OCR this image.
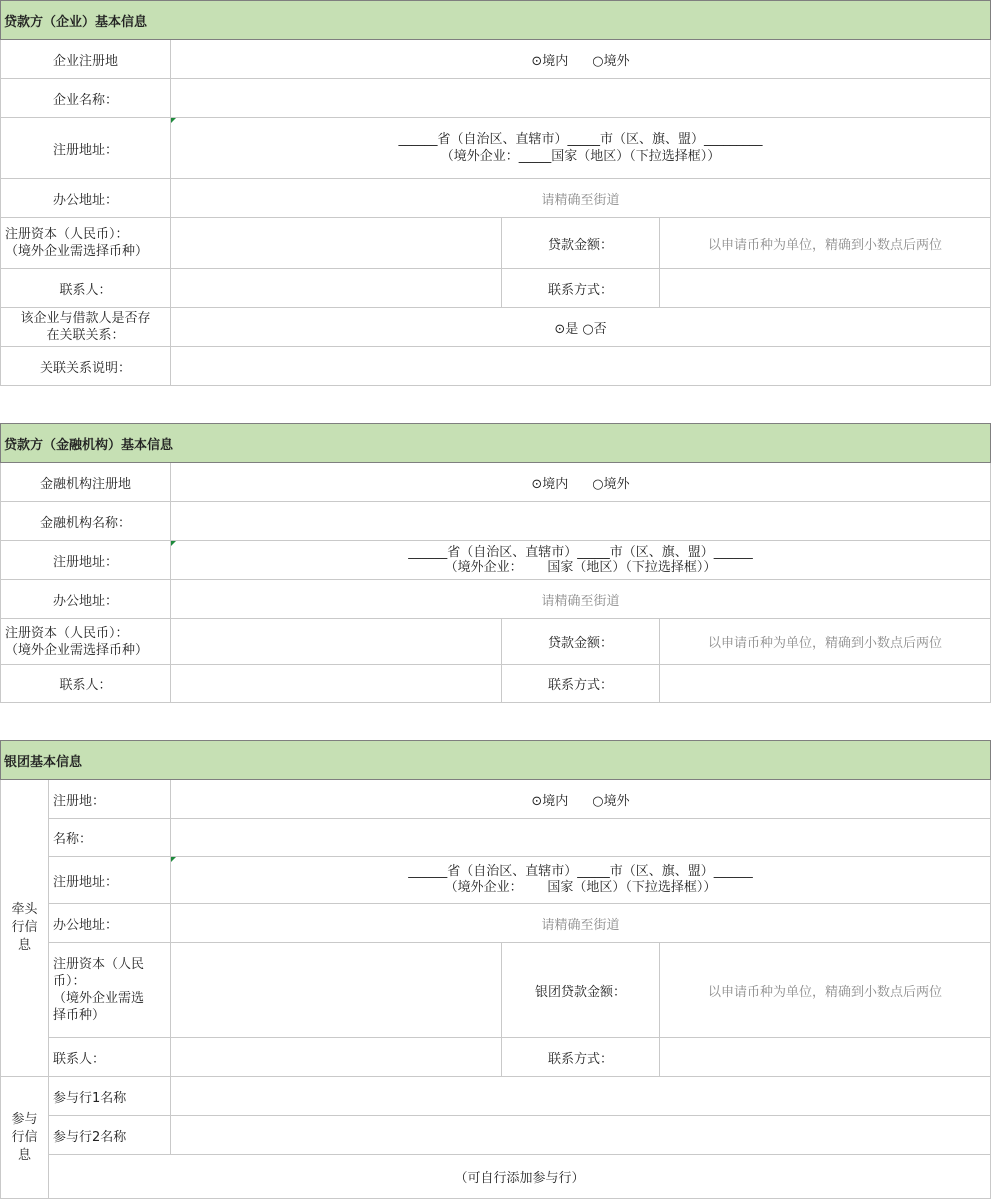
贷款方（企业）基本信息			
企业注册地	⊙境内 ○境外		
企业名称：			
注册地址：	______省（自治区、直辖市）_____市（区、旗、盟）_________
（境外企业：_____国家（地区）（下拉选择框））		

办公地址：	请精确至街道		

注册资本（人民币）：
（境外企业需选择币种）		贷款金额：	以申请币种为单位，精确到小数点后两位
联系人：		联系方式：	

该企业与借款人是否存
在关联关系：	⊙是 ○否		
关联关系说明：			
贷款方（金融机构）基本信息			
金融机构注册地	⊙境内 ○境外		
金融机构名称：			
注册地址：	______省（自治区、直辖市）_____市（区、旗、盟）______
（境外企业：      国家（地区）（下拉选择框））		

办公地址：	请精确至街道		

注册资本（人民币）：
（境外企业需选择币种）		贷款金额：	以申请币种为单位，精确到小数点后两位
联系人：		联系方式：	
银团基本信息				
牵头行信息	注册地：	⊙境内 ○境外		
	名称：			
	注册地址：	______省（自治区、直辖市）_____市（区、旗、盟）______
（境外企业：      国家（地区）（下拉选择框））		

	办公地址：	请精确至街道		

	注册资本（人民
币）：
（境外企业需选
择币种）		银团贷款金额：	以申请币种为单位，精确到小数点后两位
	联系人：		联系方式：	
参与行信息	参与行1名称			
	参与行2名称			
	（可自行添加参与行）			
